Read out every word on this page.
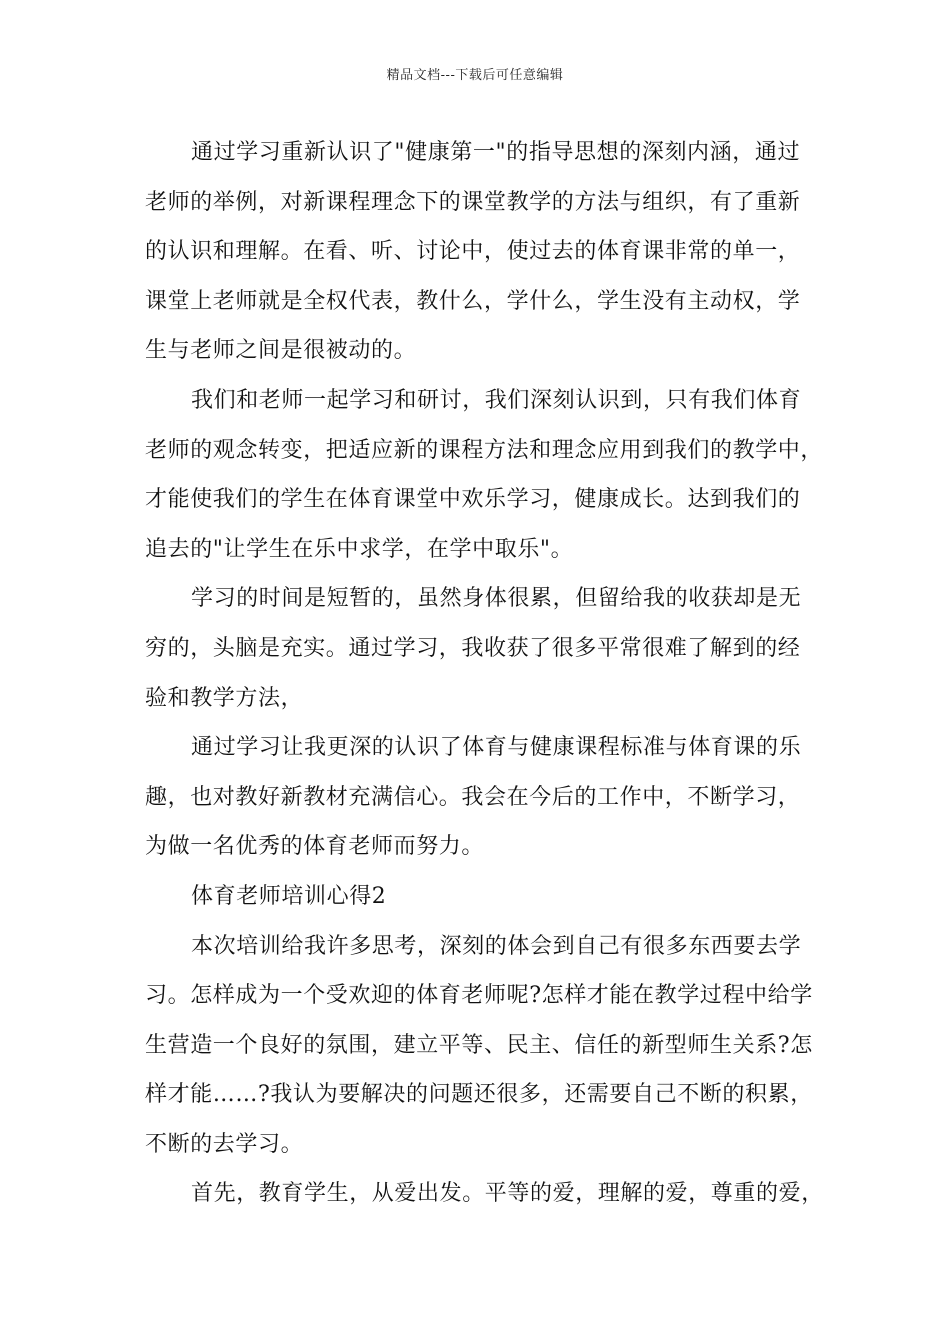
精品文档---下载后可任意编辑
通过学习重新认识了"健康第一"的指导思想的深刻内涵，通过
老师的举例，对新课程理念下的课堂教学的方法与组织，有了重新
的认识和理解。在看、听、讨论中，使过去的体育课非常的单一，
课堂上老师就是全权代表，教什么，学什么，学生没有主动权，学
生与老师之间是很被动的。
我们和老师一起学习和研讨，我们深刻认识到，只有我们体育
老师的观念转变，把适应新的课程方法和理念应用到我们的教学中，
才能使我们的学生在体育课堂中欢乐学习，健康成长。达到我们的
追去的"让学生在乐中求学，在学中取乐"。
学习的时间是短暂的，虽然身体很累，但留给我的收获却是无
穷的，头脑是充实。通过学习，我收获了很多平常很难了解到的经
验和教学方法，
通过学习让我更深的认识了体育与健康课程标准与体育课的乐
趣，也对教好新教材充满信心。我会在今后的工作中，不断学习，
为做一名优秀的体育老师而努力。
体育老师培训心得2
本次培训给我许多思考，深刻的体会到自己有很多东西要去学
习。怎样成为一个受欢迎的体育老师呢?怎样才能在教学过程中给学
生营造一个良好的氛围，建立平等、民主、信任的新型师生关系?怎
样才能……?我认为要解决的问题还很多，还需要自己不断的积累，
不断的去学习。
首先，教育学生，从爱出发。平等的爱，理解的爱，尊重的爱，
